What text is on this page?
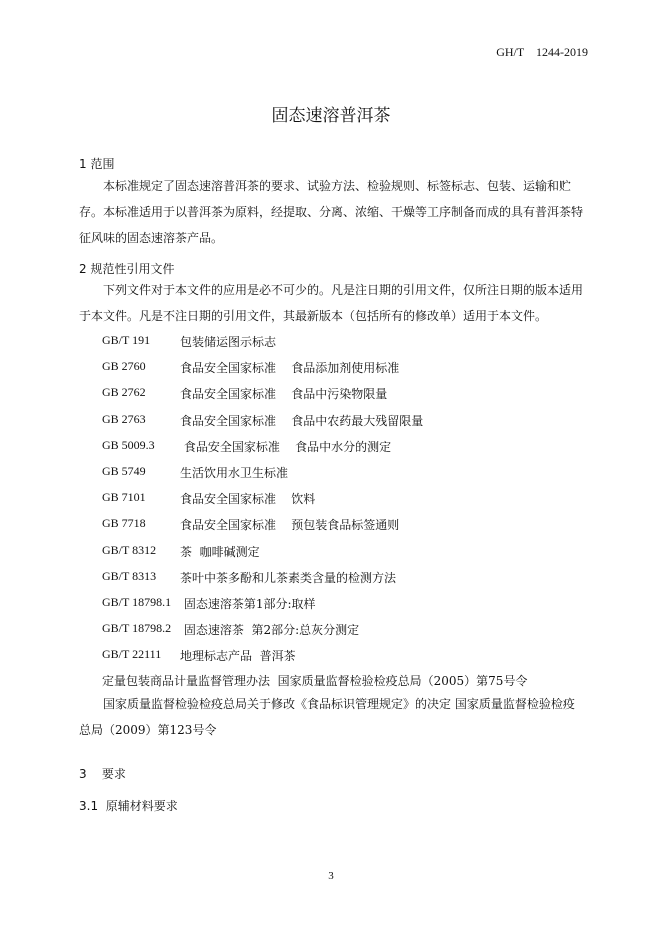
GH/T    1244-2019
固态速溶普洱茶
1 范围
本标准规定了固态速溶普洱茶的要求、试验方法、检验规则、标签标志、包装、运输和贮存。 本标准适用于以普洱茶为原料，经提取、分离、浓缩、干燥等工序制备而成的具有普洱茶特征风味的固态速溶茶产品。
2 规范性引用文件
下列文件对于本文件的应用是必不可少的。凡是注日期的引用文件，仅所注日期的版本适用于本文件。凡是不注日期的引用文件，其最新版本（包括所有的修改单）适用于本文件。
GB/T 191 包装储运图示标志
GB 2760	食品安全国家标准    食品添加剂使用标准
GB 2762	食品安全国家标准    食品中污染物限量
GB 2763	食品安全国家标准    食品中农药最大残留限量
GB 5009.3 食品安全国家标准    食品中水分的测定
GB 5749	生活饮用水卫生标准
GB 7101	食品安全国家标准    饮料
GB 7718	食品安全国家标准    预包装食品标签通则
GB/T 8312 茶  咖啡碱测定
GB/T 8313 茶叶中茶多酚和儿茶素类含量的检测方法
GB/T 18798.1 固态速溶茶第1部分:取样
GB/T 18798.2 固态速溶茶  第2部分:总灰分测定
GB/T 22111 地理标志产品  普洱茶
定量包装商品计量监督管理办法  国家质量监督检验检疫总局（2005）第75号令
国家质量监督检验检疫总局关于修改《食品标识管理规定》的决定 国家质量监督检验检疫总局（2009）第123号令
3    要求
3.1  原辅材料要求
3
